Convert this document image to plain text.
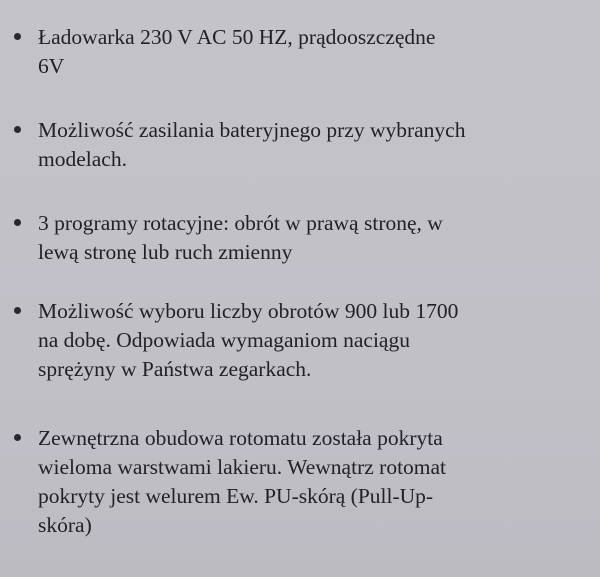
Ładowarka 230 V AC 50 HZ, prądooszczędne
6V
Możliwość zasilania bateryjnego przy wybranych
modelach.
3 programy rotacyjne: obrót w prawą stronę, w
lewą stronę lub ruch zmienny
Możliwość wyboru liczby obrotów 900 lub 1700
na dobę. Odpowiada wymaganiom naciągu
sprężyny w Państwa zegarkach.
Zewnętrzna obudowa rotomatu została pokryta
wieloma warstwami lakieru. Wewnątrz rotomat
pokryty jest welurem Ew. PU-skórą (Pull-Up-
skóra)
